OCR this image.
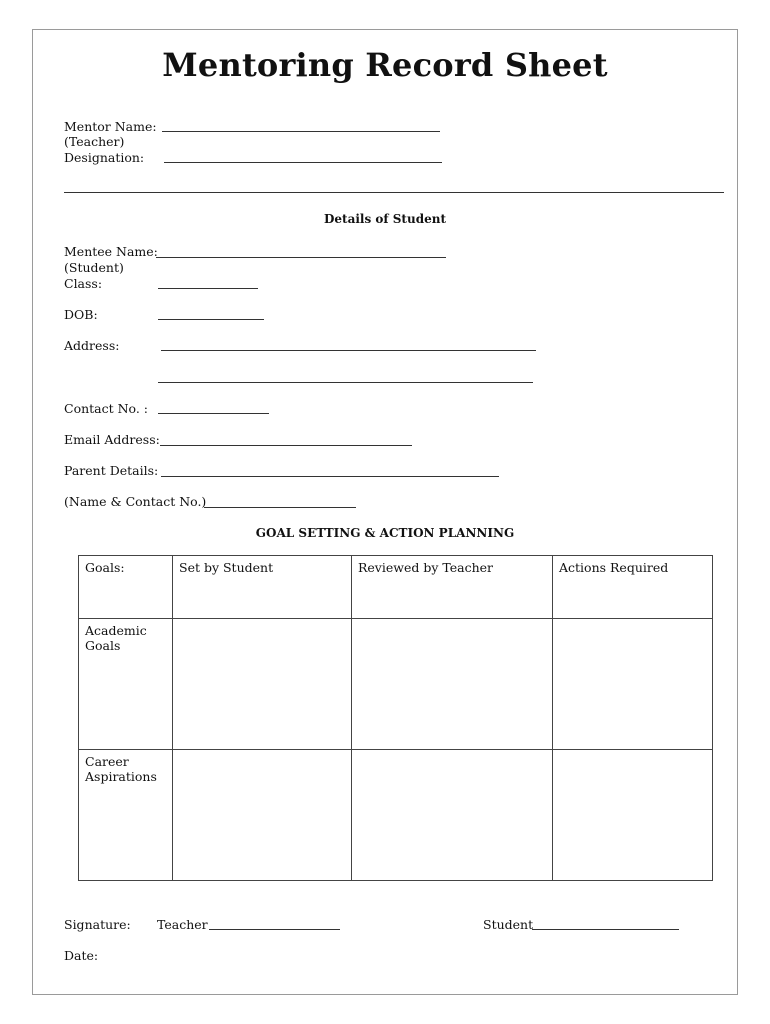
Mentoring Record Sheet
Mentor Name:
(Teacher)
Designation:
Details of Student
Mentee Name:
(Student)
Class:
DOB:
Address:
Contact No. :
Email Address:
Parent Details:
(Name & Contact No.)
GOAL SETTING & ACTION PLANNING
Goals:	Set by Student	Reviewed by Teacher	Actions Required
Academic Goals			
Career Aspirations			
Signature: Teacher	Student
Date:
